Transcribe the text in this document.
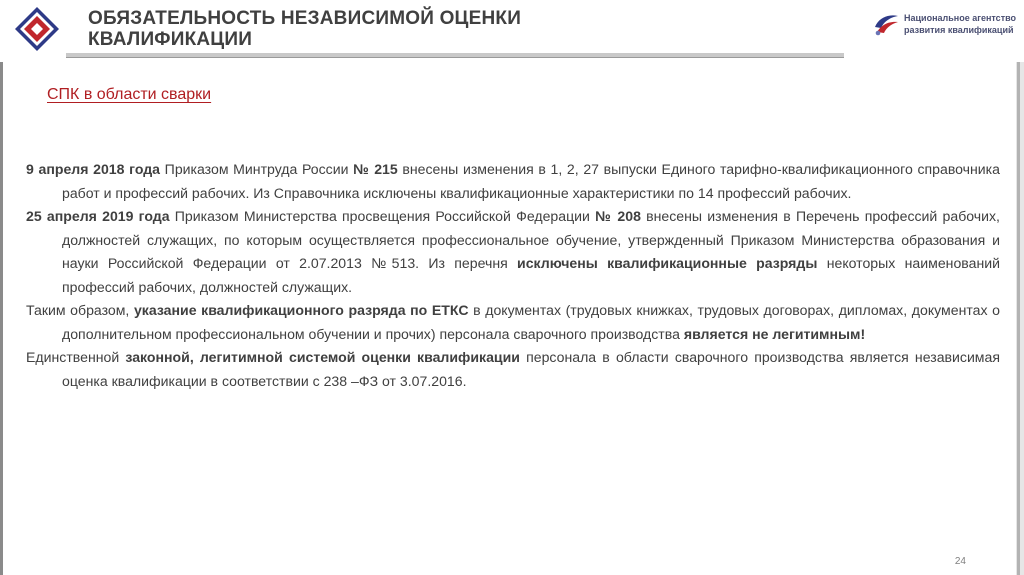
ОБЯЗАТЕЛЬНОСТЬ НЕЗАВИСИМОЙ ОЦЕНКИ
КВАЛИФИКАЦИИ
Национальное агентство
развития квалификаций
СПК в области сварки

9 апреля 2018 года Приказом Минтруда России № 215 внесены изменения в 1, 2, 27 выпуски Единого тарифно-квалификационного справочника работ и профессий рабочих. Из Справочника исключены квалификационные характеристики по 14 профессий рабочих.

25 апреля 2019 года Приказом Министерства просвещения Российской Федерации № 208 внесены изменения в Перечень профессий рабочих, должностей служащих, по которым осуществляется профессиональное обучение, утвержденный Приказом Министерства образования и науки Российской Федерации от 2.07.2013 №513. Из перечня исключены квалификационные разряды некоторых наименований профессий рабочих, должностей служащих.

Таким образом, указание квалификационного разряда по ЕТКС в документах (трудовых книжках, трудовых договорах, дипломах, документах о дополнительном профессиональном обучении и прочих) персонала сварочного производства является не легитимным!

Единственной законной, легитимной системой оценки квалификации персонала в области сварочного производства является независимая оценка квалификации в соответствии с 238 –ФЗ от 3.07.2016.

24
